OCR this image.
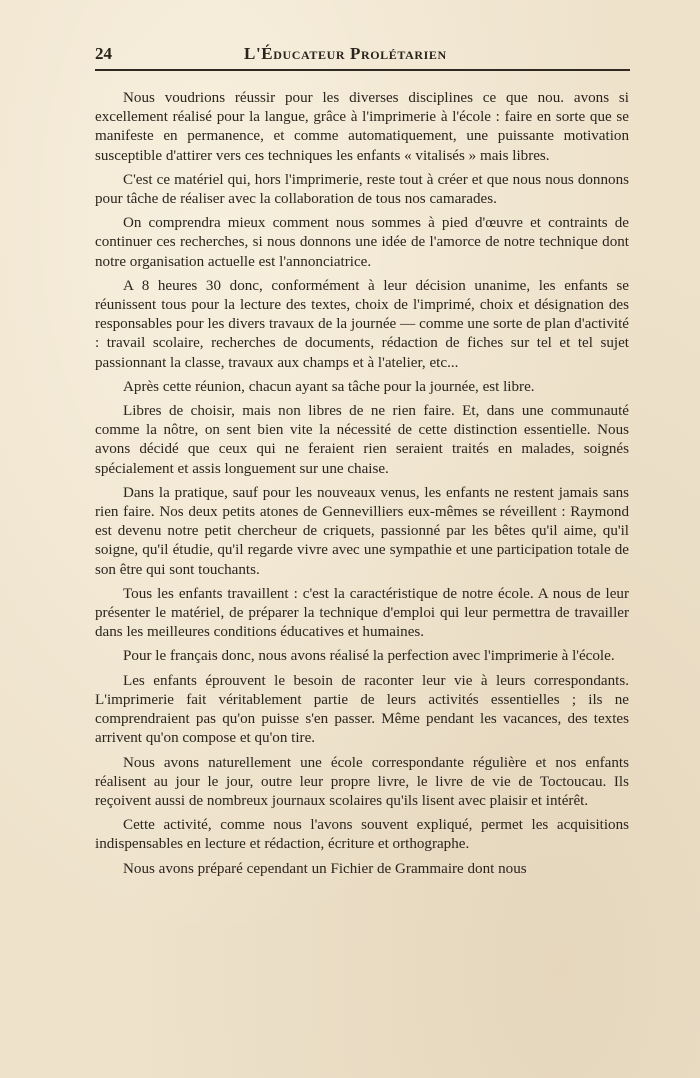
24	L'Éducateur Prolétarien

Nous voudrions réussir pour les diverses disciplines ce que nou. avons si excellement réalisé pour la langue, grâce à l'imprimerie à l'école : faire en sorte que se manifeste en permanence, et comme automatiquement, une puissante motivation susceptible d'attirer vers ces techniques les enfants « vitalisés » mais libres.

C'est ce matériel qui, hors l'imprimerie, reste tout à créer et que nous nous donnons pour tâche de réaliser avec la collaboration de tous nos camarades.

On comprendra mieux comment nous sommes à pied d'œuvre et contraints de continuer ces recherches, si nous donnons une idée de l'amorce de notre technique dont notre organisation actuelle est l'annonciatrice.

A 8 heures 30 donc, conformément à leur décision unanime, les enfants se réunissent tous pour la lecture des textes, choix de l'imprimé, choix et désignation des responsables pour les divers travaux de la journée — comme une sorte de plan d'activité : travail scolaire, recherches de documents, rédaction de fiches sur tel et tel sujet passionnant la classe, travaux aux champs et à l'atelier, etc...

Après cette réunion, chacun ayant sa tâche pour la journée, est libre.

Libres de choisir, mais non libres de ne rien faire. Et, dans une communauté comme la nôtre, on sent bien vite la nécessité de cette distinction essentielle. Nous avons décidé que ceux qui ne feraient rien seraient traités en malades, soignés spécialement et assis longuement sur une chaise.

Dans la pratique, sauf pour les nouveaux venus, les enfants ne restent jamais sans rien faire. Nos deux petits atones de Gennevilliers eux-mêmes se réveillent : Raymond est devenu notre petit chercheur de criquets, passionné par les bêtes qu'il aime, qu'il soigne, qu'il étudie, qu'il regarde vivre avec une sympathie et une participation totale de son être qui sont touchants.

Tous les enfants travaillent : c'est la caractéristique de notre école. A nous de leur présenter le matériel, de préparer la technique d'emploi qui leur permettra de travailler dans les meilleures conditions éducatives et humaines.

Pour le français donc, nous avons réalisé la perfection avec l'imprimerie à l'école.

Les enfants éprouvent le besoin de raconter leur vie à leurs correspondants. L'imprimerie fait véritablement partie de leurs activités essentielles ; ils ne comprendraient pas qu'on puisse s'en passer. Même pendant les vacances, des textes arrivent qu'on compose et qu'on tire.

Nous avons naturellement une école correspondante régulière et nos enfants réalisent au jour le jour, outre leur propre livre, le livre de vie de Toctoucau. Ils reçoivent aussi de nombreux journaux scolaires qu'ils lisent avec plaisir et intérêt.

Cette activité, comme nous l'avons souvent expliqué, permet les acquisitions indispensables en lecture et rédaction, écriture et orthographe.

Nous avons préparé cependant un Fichier de Grammaire dont nous
